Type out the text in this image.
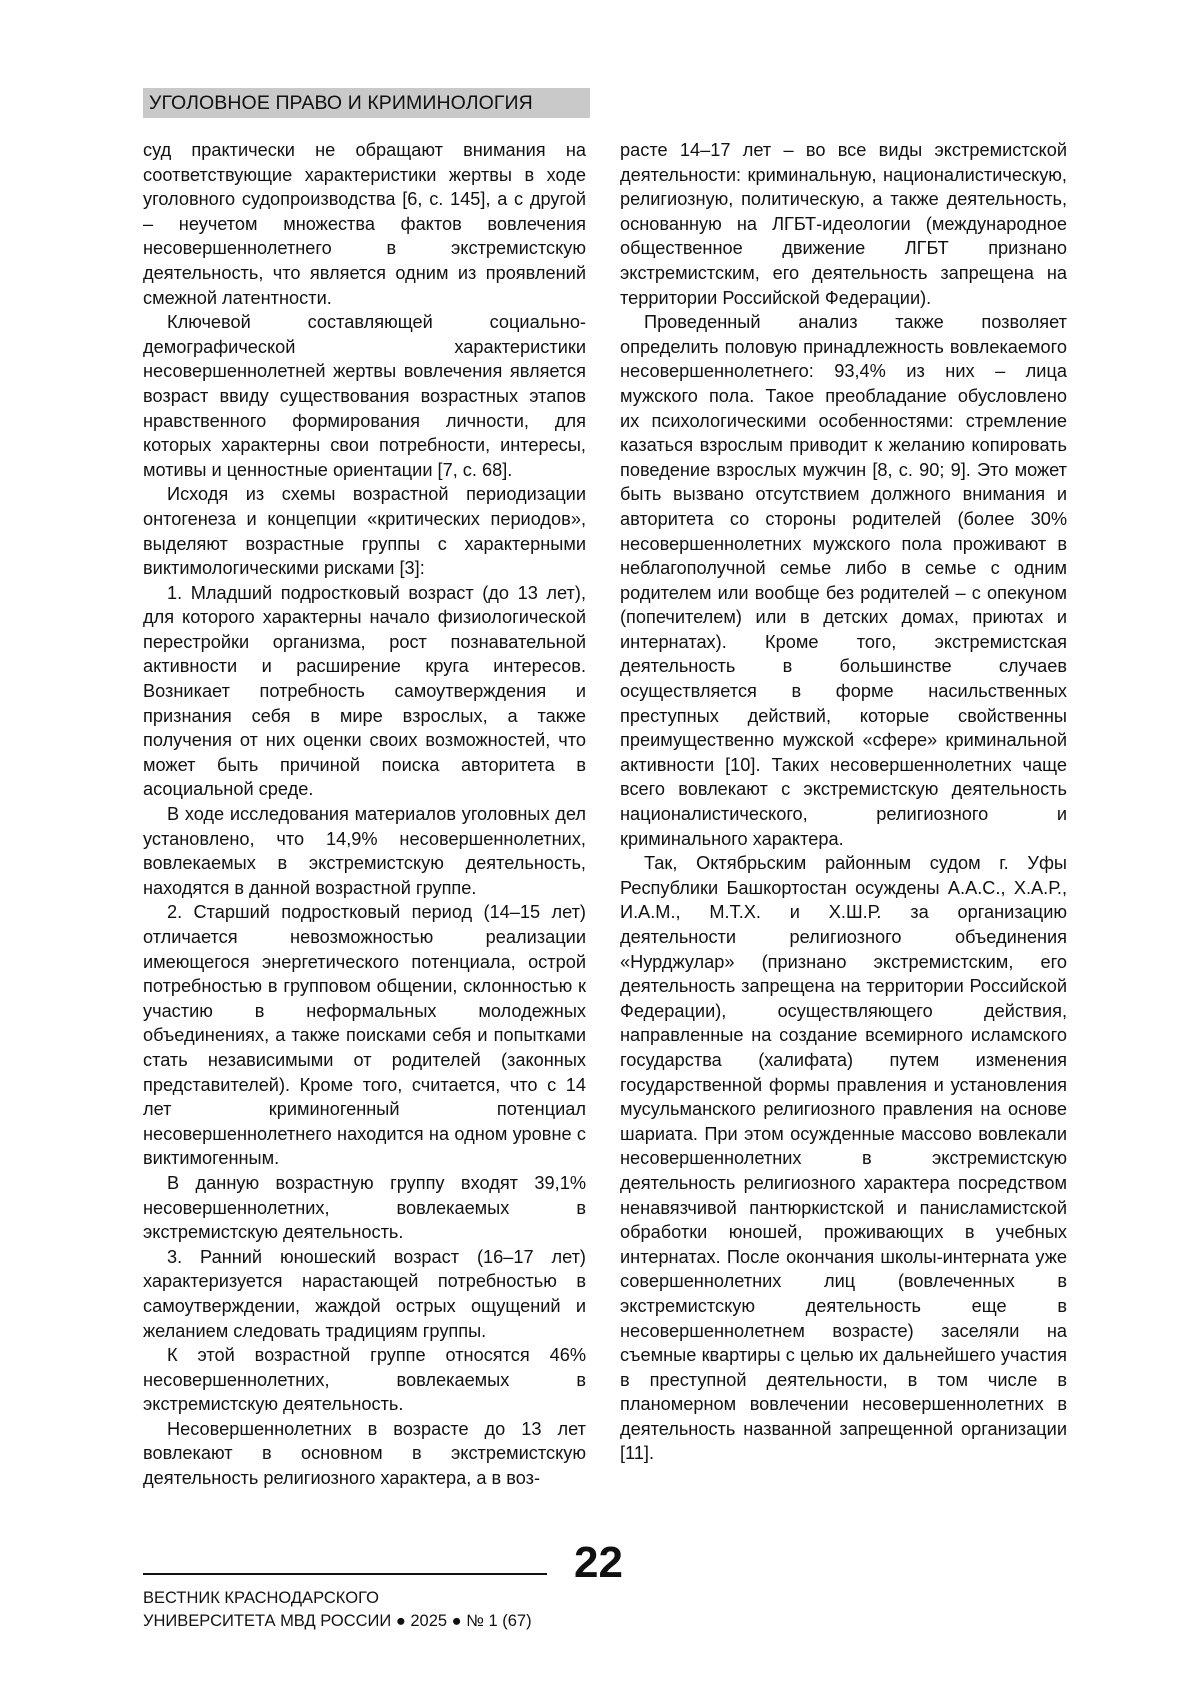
УГОЛОВНОЕ ПРАВО И КРИМИНОЛОГИЯ

суд практически не обращают внимания на соответствующие характеристики жертвы в ходе уголовного судопроизводства [6, с. 145], а с другой – неучетом множества фактов вовлечения несовершеннолетнего в экстремистскую деятельность, что является одним из проявлений смежной латентности.

Ключевой составляющей социально-демографической характеристики несовершеннолетней жертвы вовлечения является возраст ввиду существования возрастных этапов нравственного формирования личности, для которых характерны свои потребности, интересы, мотивы и ценностные ориентации [7, с. 68].

Исходя из схемы возрастной периодизации онтогенеза и концепции «критических периодов», выделяют возрастные группы с характерными виктимологическими рисками [3]:

1. Младший подростковый возраст (до 13 лет), для которого характерны начало физиологической перестройки организма, рост познавательной активности и расширение круга интересов. Возникает потребность самоутверждения и признания себя в мире взрослых, а также получения от них оценки своих возможностей, что может быть причиной поиска авторитета в асоциальной среде.

В ходе исследования материалов уголовных дел установлено, что 14,9% несовершеннолетних, вовлекаемых в экстремистскую деятельность, находятся в данной возрастной группе.

2. Старший подростковый период (14–15 лет) отличается невозможностью реализации имеющегося энергетического потенциала, острой потребностью в групповом общении, склонностью к участию в неформальных молодежных объединениях, а также поисками себя и попытками стать независимыми от родителей (законных представителей). Кроме того, считается, что с 14 лет криминогенный потенциал несовершеннолетнего находится на одном уровне с виктимогенным.

В данную возрастную группу входят 39,1% несовершеннолетних, вовлекаемых в экстремистскую деятельность.

3. Ранний юношеский возраст (16–17 лет) характеризуется нарастающей потребностью в самоутверждении, жаждой острых ощущений и желанием следовать традициям группы.

К этой возрастной группе относятся 46% несовершеннолетних, вовлекаемых в экстремистскую деятельность.

Несовершеннолетних в возрасте до 13 лет вовлекают в основном в экстремистскую деятельность религиозного характера, а в воз-

расте 14–17 лет – во все виды экстремистской деятельности: криминальную, националистическую, религиозную, политическую, а также деятельность, основанную на ЛГБТ-идеологии (международное общественное движение ЛГБТ признано экстремистским, его деятельность запрещена на территории Российской Федерации).

Проведенный анализ также позволяет определить половую принадлежность вовлекаемого несовершеннолетнего: 93,4% из них – лица мужского пола. Такое преобладание обусловлено их психологическими особенностями: стремление казаться взрослым приводит к желанию копировать поведение взрослых мужчин [8, с. 90; 9]. Это может быть вызвано отсутствием должного внимания и авторитета со стороны родителей (более 30% несовершеннолетних мужского пола проживают в неблагополучной семье либо в семье с одним родителем или вообще без родителей – с опекуном (попечителем) или в детских домах, приютах и интернатах). Кроме того, экстремистская деятельность в большинстве случаев осуществляется в форме насильственных преступных действий, которые свойственны преимущественно мужской «сфере» криминальной активности [10]. Таких несовершеннолетних чаще всего вовлекают с экстремистскую деятельность националистического, религиозного и криминального характера.

Так, Октябрьским районным судом г. Уфы Республики Башкортостан осуждены А.А.С., Х.А.Р., И.А.М., М.Т.Х. и Х.Ш.Р. за организацию деятельности религиозного объединения «Нурджулар» (признано экстремистским, его деятельность запрещена на территории Российской Федерации), осуществляющего действия, направленные на создание всемирного исламского государства (халифата) путем изменения государственной формы правления и установления мусульманского религиозного правления на основе шариата. При этом осужденные массово вовлекали несовершеннолетних в экстремистскую деятельность религиозного характера посредством ненавязчивой пантюркистской и панисламистской обработки юношей, проживающих в учебных интернатах. После окончания школы-интерната уже совершеннолетних лиц (вовлеченных в экстремистскую деятельность еще в несовершеннолетнем возрасте) заселяли на съемные квартиры с целью их дальнейшего участия в преступной деятельности, в том числе в планомерном вовлечении несовершеннолетних в деятельность названной запрещенной организации [11].

22
ВЕСТНИК КРАСНОДАРСКОГО
УНИВЕРСИТЕТА МВД РОССИИ ● 2025 ● № 1 (67)
